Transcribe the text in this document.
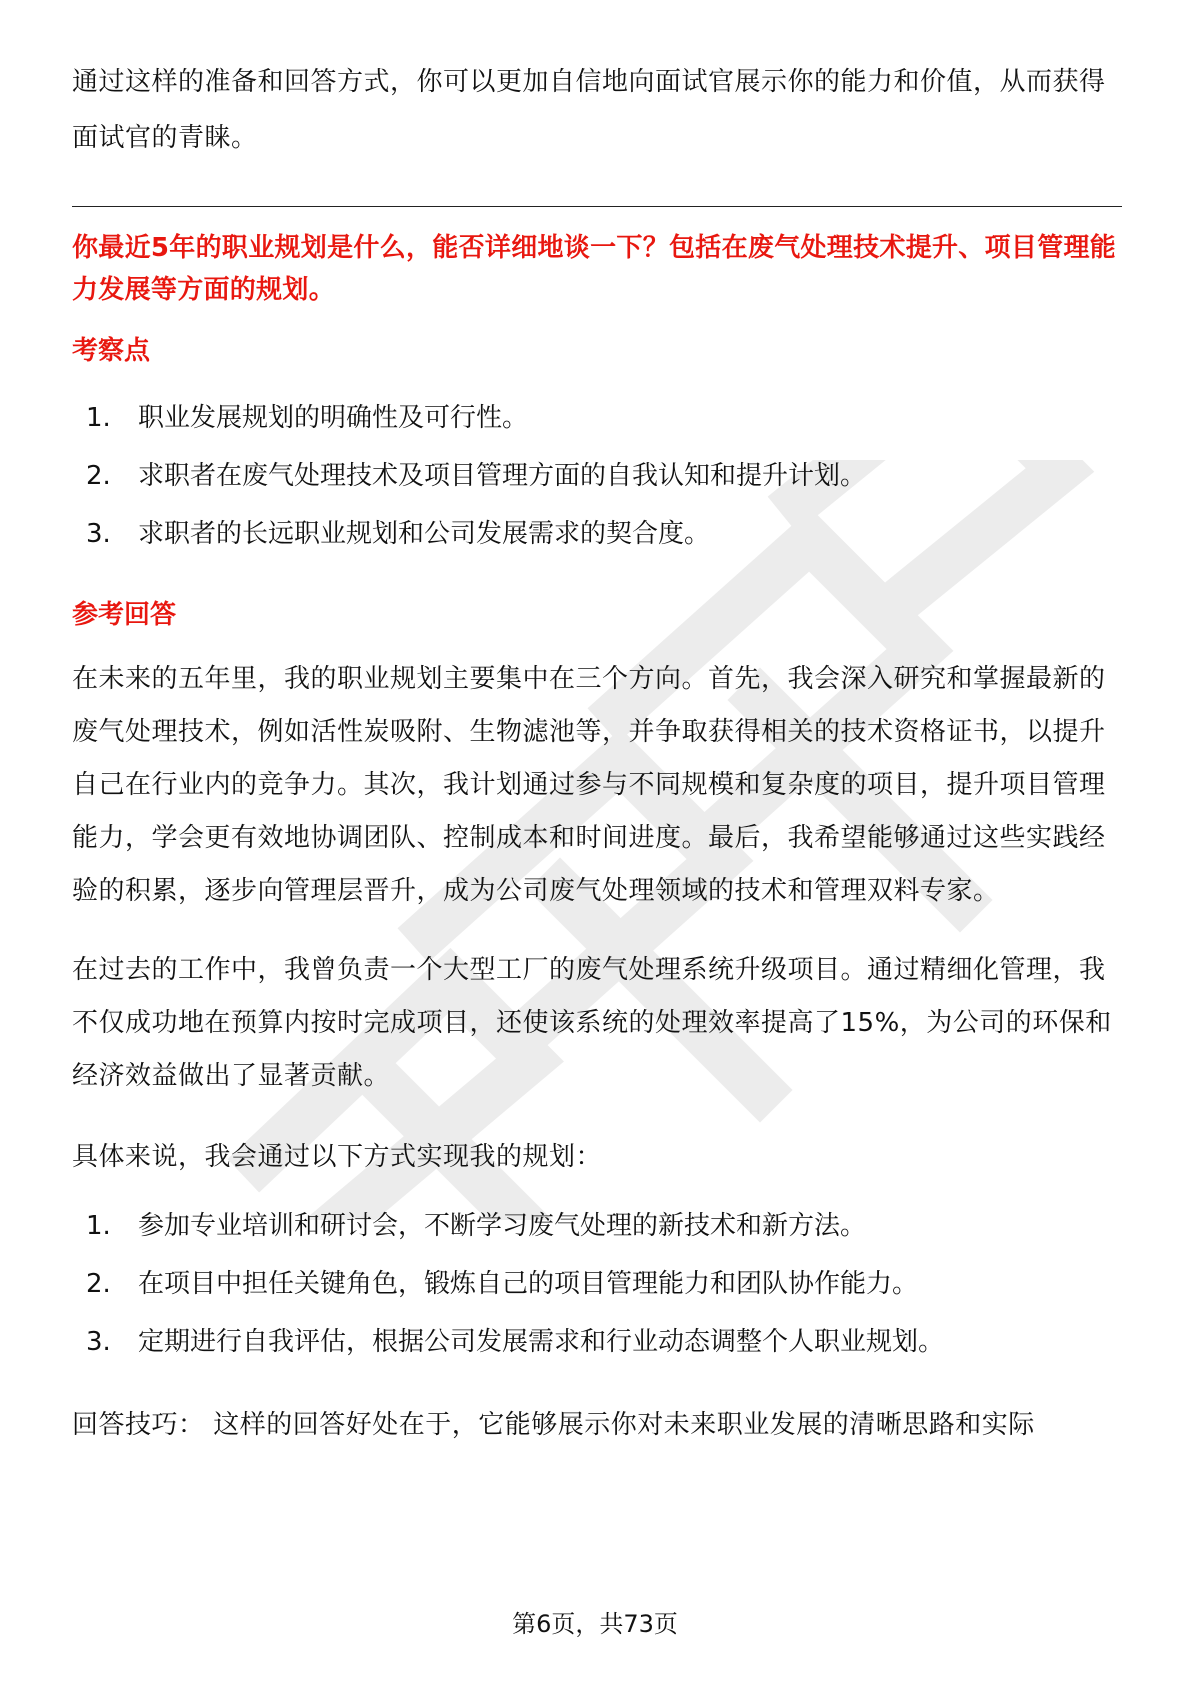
通过这样的准备和回答方式，你可以更加自信地向面试官展示你的能力和价值，从而获得面试官的青睐。

你最近5年的职业规划是什么，能否详细地谈一下？包括在废气处理技术提升、项目管理能力发展等方面的规划。

考察点
1.	职业发展规划的明确性及可行性。
2.	求职者在废气处理技术及项目管理方面的自我认知和提升计划。
3.	求职者的长远职业规划和公司发展需求的契合度。
参考回答

在未来的五年里，我的职业规划主要集中在三个方向。首先，我会深入研究和掌握最新的废气处理技术，例如活性炭吸附、生物滤池等，并争取获得相关的技术资格证书，以提升自己在行业内的竞争力。其次，我计划通过参与不同规模和复杂度的项目，提升项目管理能力，学会更有效地协调团队、控制成本和时间进度。最后，我希望能够通过这些实践经验的积累，逐步向管理层晋升，成为公司废气处理领域的技术和管理双料专家。

在过去的工作中，我曾负责一个大型工厂的废气处理系统升级项目。通过精细化管理，我不仅成功地在预算内按时完成项目，还使该系统的处理效率提高了15%，为公司的环保和经济效益做出了显著贡献。

具体来说，我会通过以下方式实现我的规划：

1.	参加专业培训和研讨会，不断学习废气处理的新技术和新方法。
2.	在项目中担任关键角色，锻炼自己的项目管理能力和团队协作能力。
3.	定期进行自我评估，根据公司发展需求和行业动态调整个人职业规划。

回答技巧： 这样的回答好处在于，它能够展示你对未来职业发展的清晰思路和实际

第6页，共73页
